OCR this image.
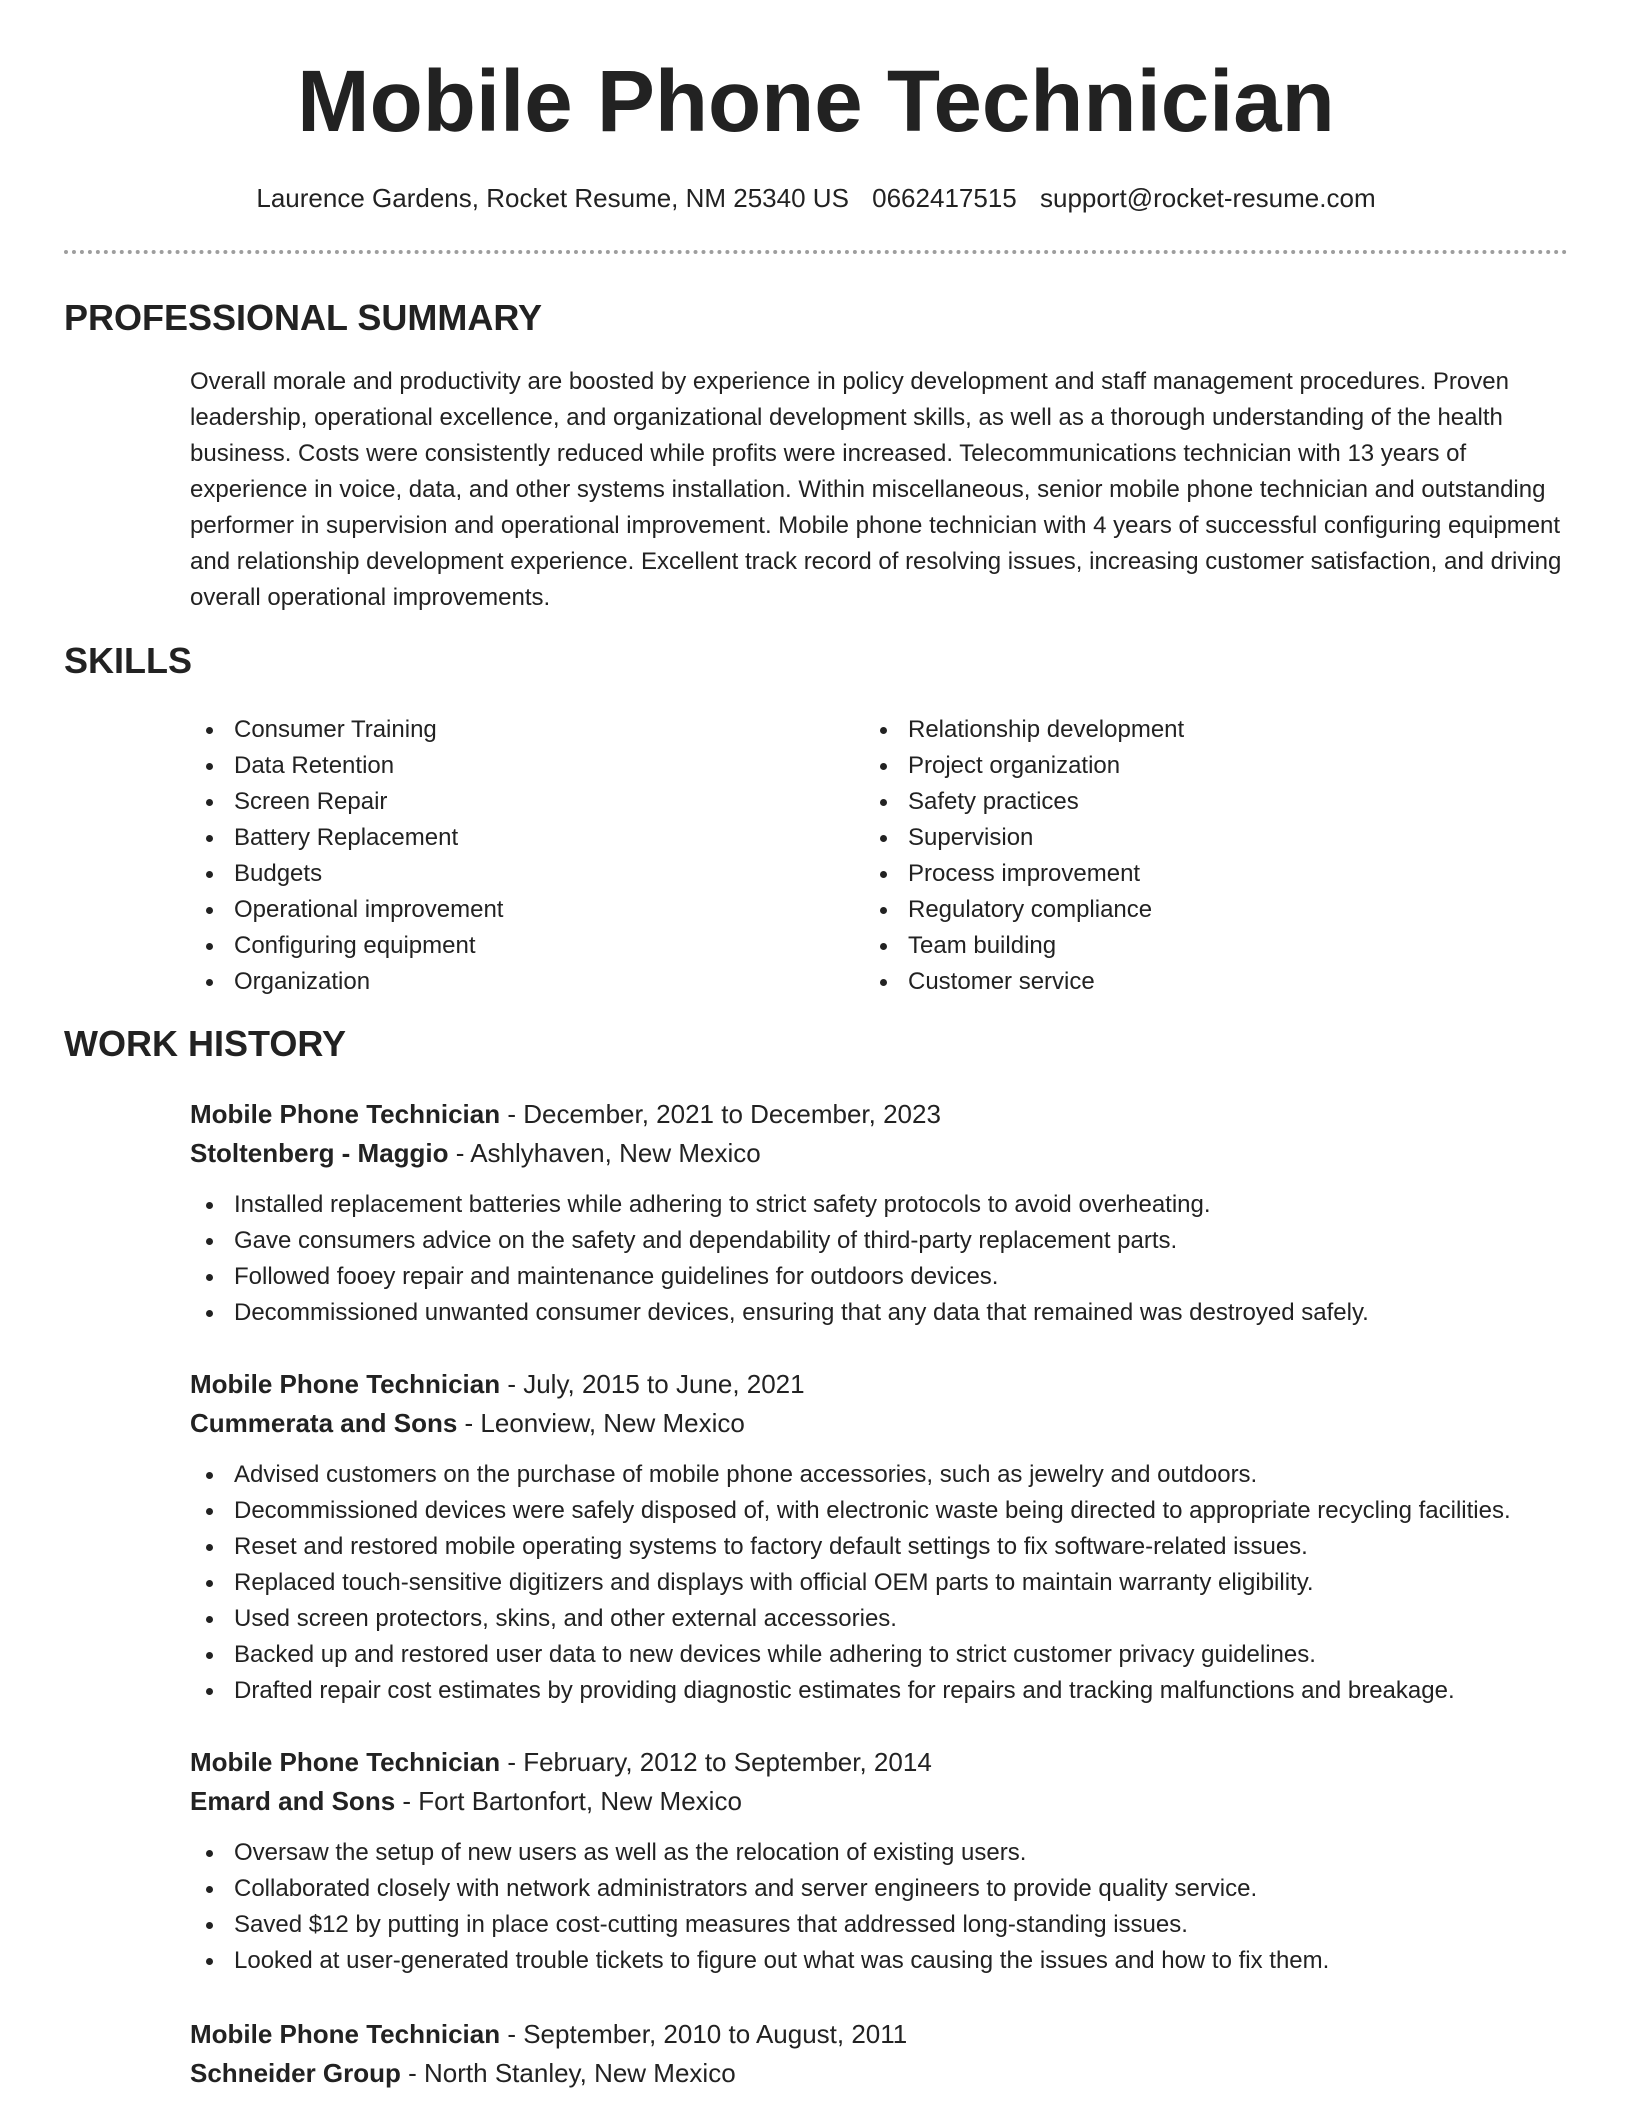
Mobile Phone Technician
Laurence Gardens, Rocket Resume, NM 25340 US 0662417515 support@rocket-resume.com
PROFESSIONAL SUMMARY

Overall morale and productivity are boosted by experience in policy development and staff management procedures. Proven leadership, operational excellence, and organizational development skills, as well as a thorough understanding of the health business. Costs were consistently reduced while profits were increased. Telecommunications technician with 13 years of experience in voice, data, and other systems installation. Within miscellaneous, senior mobile phone technician and outstanding performer in supervision and operational improvement. Mobile phone technician with 4 years of successful configuring equipment and relationship development experience. Excellent track record of resolving issues, increasing customer satisfaction, and driving overall operational improvements.

SKILLS
Consumer Training
Data Retention
Screen Repair
Battery Replacement
Budgets
Operational improvement
Configuring equipment
Organization
Relationship development
Project organization
Safety practices
Supervision
Process improvement
Regulatory compliance
Team building
Customer service
WORK HISTORY
Mobile Phone Technician - December, 2021 to December, 2023
Stoltenberg - Maggio - Ashlyhaven, New Mexico
Installed replacement batteries while adhering to strict safety protocols to avoid overheating.
Gave consumers advice on the safety and dependability of third-party replacement parts.
Followed fooey repair and maintenance guidelines for outdoors devices.
Decommissioned unwanted consumer devices, ensuring that any data that remained was destroyed safely.
Mobile Phone Technician - July, 2015 to June, 2021
Cummerata and Sons - Leonview, New Mexico
Advised customers on the purchase of mobile phone accessories, such as jewelry and outdoors.
Decommissioned devices were safely disposed of, with electronic waste being directed to appropriate recycling facilities.
Reset and restored mobile operating systems to factory default settings to fix software-related issues.
Replaced touch-sensitive digitizers and displays with official OEM parts to maintain warranty eligibility.
Used screen protectors, skins, and other external accessories.
Backed up and restored user data to new devices while adhering to strict customer privacy guidelines.
Drafted repair cost estimates by providing diagnostic estimates for repairs and tracking malfunctions and breakage.
Mobile Phone Technician - February, 2012 to September, 2014
Emard and Sons - Fort Bartonfort, New Mexico
Oversaw the setup of new users as well as the relocation of existing users.
Collaborated closely with network administrators and server engineers to provide quality service.
Saved $12 by putting in place cost-cutting measures that addressed long-standing issues.
Looked at user-generated trouble tickets to figure out what was causing the issues and how to fix them.
Mobile Phone Technician - September, 2010 to August, 2011
Schneider Group - North Stanley, New Mexico
